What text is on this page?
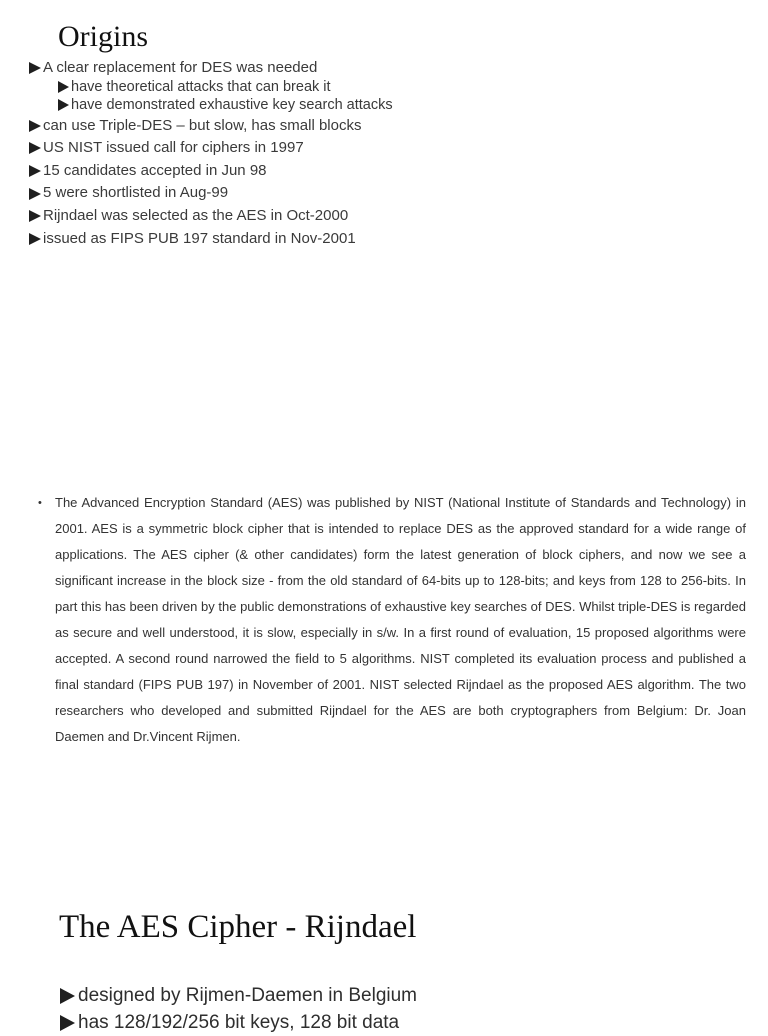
Origins
A clear replacement for DES was needed
have theoretical attacks that can break it
have demonstrated exhaustive key search attacks
can use Triple-DES – but slow, has small blocks
US NIST issued call for ciphers in 1997
15 candidates accepted in Jun 98
5 were shortlisted in Aug-99
Rijndael was selected as the AES in Oct-2000
issued as FIPS PUB 197 standard in Nov-2001
•	The Advanced Encryption Standard (AES) was published by NIST (National Institute of Standards and Technology) in 2001. AES is a symmetric block cipher that is intended to replace DES as the approved standard for a wide range of applications. The AES cipher (& other candidates) form the latest generation of block ciphers, and now we see a significant increase in the block size - from the old standard of 64-bits up to 128-bits; and keys from 128 to 256-bits. In part this has been driven by the public demonstrations of exhaustive key searches of DES. Whilst triple-DES is regarded as secure and well understood, it is slow, especially in s/w. In a first round of evaluation, 15 proposed algorithms were accepted. A second round narrowed the field to 5 algorithms. NIST completed its evaluation process and published a final standard (FIPS PUB 197) in November of 2001. NIST selected Rijndael as the proposed AES algorithm. The two researchers who developed and submitted Rijndael for the AES are both cryptographers from Belgium: Dr. Joan Daemen and Dr.Vincent Rijmen.
The AES Cipher - Rijndael
designed by Rijmen-Daemen in Belgium
has 128/192/256 bit keys, 128 bit data
